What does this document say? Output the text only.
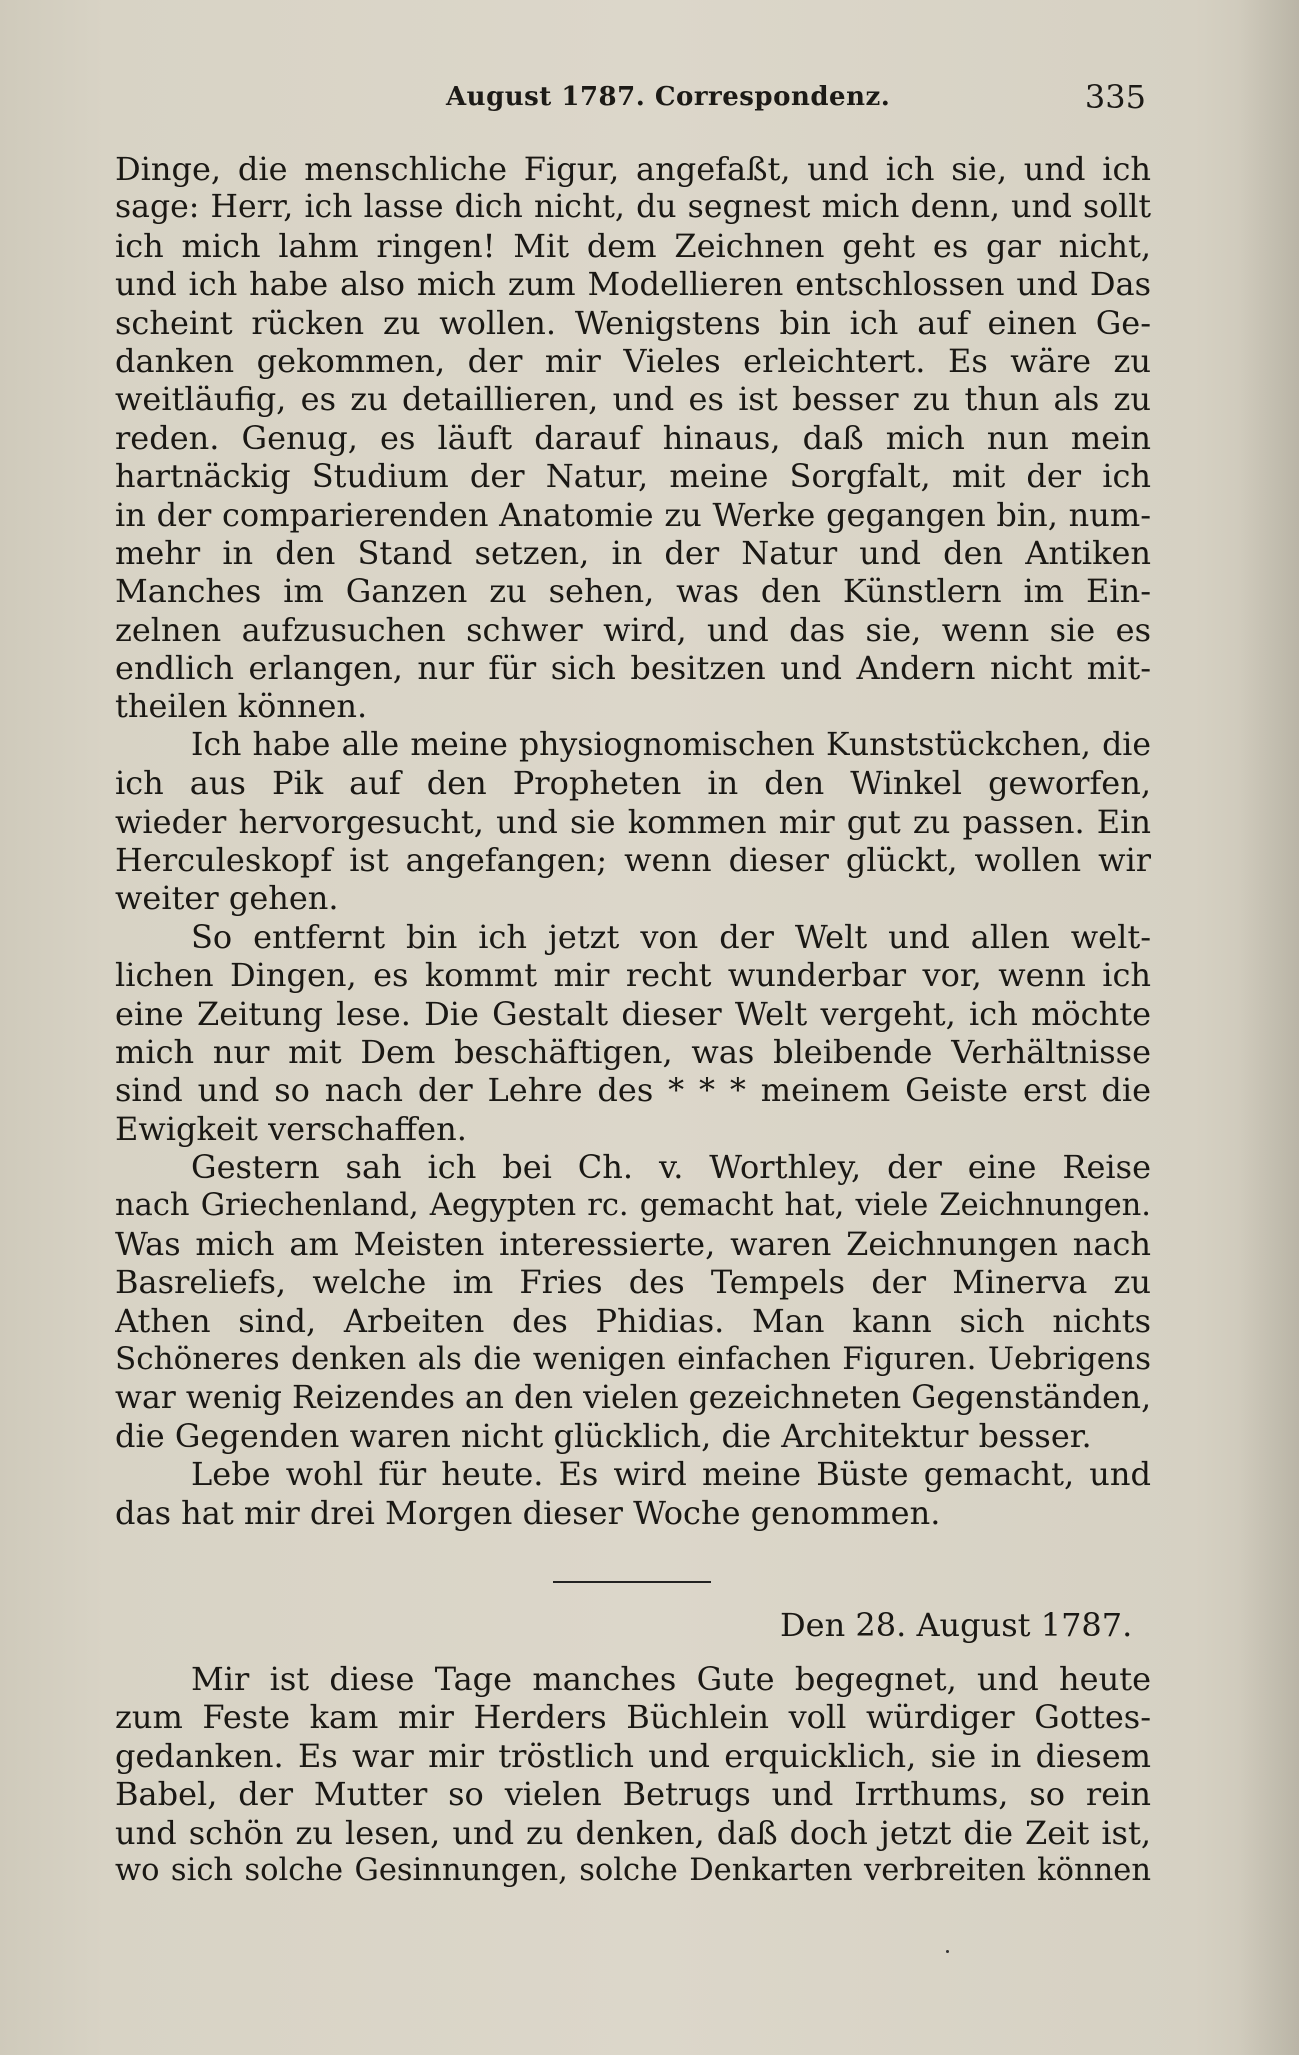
August 1787. Correspondenz.	335
Dinge, die menschliche Figur, angefaßt, und ich sie, und ich
sage: Herr, ich lasse dich nicht, du segnest mich denn, und sollt
ich mich lahm ringen! Mit dem Zeichnen geht es gar nicht,
und ich habe also mich zum Modellieren entschlossen und Das
scheint rücken zu wollen. Wenigstens bin ich auf einen Ge-
danken gekommen, der mir Vieles erleichtert. Es wäre zu
weitläufig, es zu detaillieren, und es ist besser zu thun als zu
reden. Genug, es läuft darauf hinaus, daß mich nun mein
hartnäckig Studium der Natur, meine Sorgfalt, mit der ich
in der comparierenden Anatomie zu Werke gegangen bin, num-
mehr in den Stand setzen, in der Natur und den Antiken
Manches im Ganzen zu sehen, was den Künstlern im Ein-
zelnen aufzusuchen schwer wird, und das sie, wenn sie es
endlich erlangen, nur für sich besitzen und Andern nicht mit-
theilen können.
Ich habe alle meine physiognomischen Kunststückchen, die
ich aus Pik auf den Propheten in den Winkel geworfen,
wieder hervorgesucht, und sie kommen mir gut zu passen. Ein
Herculeskopf ist angefangen; wenn dieser glückt, wollen wir
weiter gehen.
So entfernt bin ich jetzt von der Welt und allen welt-
lichen Dingen, es kommt mir recht wunderbar vor, wenn ich
eine Zeitung lese. Die Gestalt dieser Welt vergeht, ich möchte
mich nur mit Dem beschäftigen, was bleibende Verhältnisse
sind und so nach der Lehre des * * * meinem Geiste erst die
Ewigkeit verschaffen.
Gestern sah ich bei Ch. v. Worthley, der eine Reise
nach Griechenland, Aegypten rc. gemacht hat, viele Zeichnungen.
Was mich am Meisten interessierte, waren Zeichnungen nach
Basreliefs, welche im Fries des Tempels der Minerva zu
Athen sind, Arbeiten des Phidias. Man kann sich nichts
Schöneres denken als die wenigen einfachen Figuren. Uebrigens
war wenig Reizendes an den vielen gezeichneten Gegenständen,
die Gegenden waren nicht glücklich, die Architektur besser.
Lebe wohl für heute. Es wird meine Büste gemacht, und
das hat mir drei Morgen dieser Woche genommen.
Den 28. August 1787.
Mir ist diese Tage manches Gute begegnet, und heute
zum Feste kam mir Herders Büchlein voll würdiger Gottes-
gedanken. Es war mir tröstlich und erquicklich, sie in diesem
Babel, der Mutter so vielen Betrugs und Irrthums, so rein
und schön zu lesen, und zu denken, daß doch jetzt die Zeit ist,
wo sich solche Gesinnungen, solche Denkarten verbreiten können
